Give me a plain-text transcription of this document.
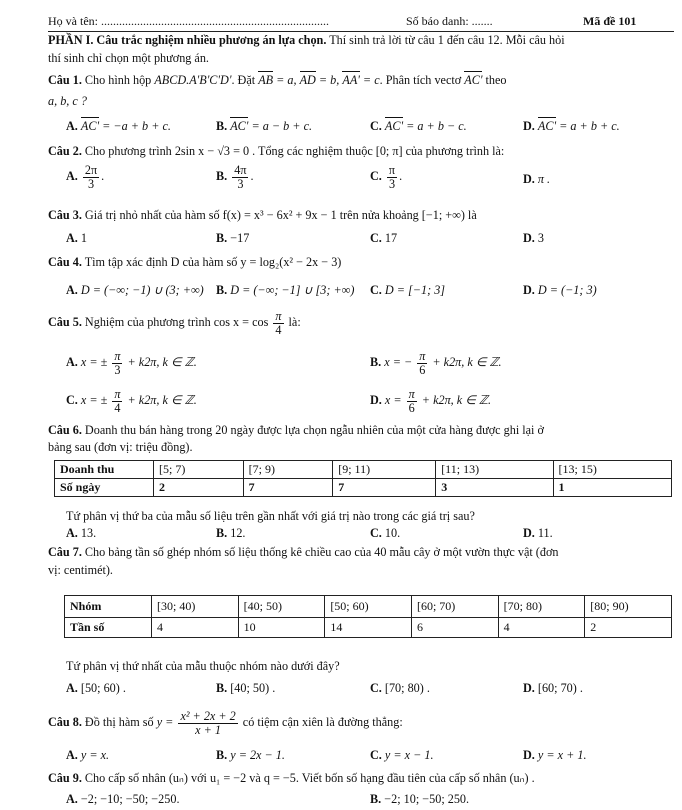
Họ và tên: ............................................................................	Số báo danh: .......	Mã đề 101
PHẦN I. Câu trắc nghiệm nhiều phương án lựa chọn. Thí sinh trả lời từ câu 1 đến câu 12. Mỗi câu hỏi
thí sinh chỉ chọn một phương án.
Câu 1. Cho hình hộp ABCD.A'B'C'D'. Đặt AB = a, AD = b, AA' = c. Phân tích vectơ AC' theo
a, b, c ?
A. AC' = −a + b + c.	B. AC' = a − b + c.	C. AC' = a + b − c.	D. AC' = a + b + c.
Câu 2. Cho phương trình 2sin x − √3 = 0 . Tổng các nghiệm thuộc [0; π] của phương trình là:
A. $\frac{2\pi}{3}$ .	B. $\frac{4\pi}{3}$ .	C. $\frac{\pi}{3}$ .	D. π .
Câu 3. Giá trị nhỏ nhất của hàm số f(x) = x³ − 6x² + 9x − 1 trên nửa khoảng [−1; +∞) là
A. 1	B. −17	C. 17	D. 3
Câu 4. Tìm tập xác định D của hàm số y = log₂(x² − 2x − 3)
A. D = (−∞; −1) ∪ (3; +∞) B. D = (−∞; −1] ∪ [3; +∞) C. D = [−1; 3]	D. D = (−1; 3)
Câu 5. Nghiệm của phương trình $\cos x = \cos \frac{\pi}{4}$ là:
A. x = ± $\frac{\pi}{3} + k2\pi$, k ∈ ℤ.	B. x = − $\frac{\pi}{6} + k2\pi$, k ∈ ℤ.
C. x = ± $\frac{\pi}{4} + k2\pi$, k ∈ ℤ.	D. $x = \frac{\pi}{6} + k2\pi$, k ∈ ℤ.
Câu 6. Doanh thu bán hàng trong 20 ngày được lựa chọn ngẫu nhiên của một cửa hàng được ghi lại ở
bảng sau (đơn vị: triệu đồng).
Doanh thu	[5; 7)	[7; 9)	[9; 11)	[11; 13)	[13; 15)
Số ngày	2	7	7	3	1
Tứ phân vị thứ ba của mẫu số liệu trên gần nhất với giá trị nào trong các giá trị sau?
A. 13.	B. 12.	C. 10.	D. 11.
Câu 7. Cho bảng tần số ghép nhóm số liệu thống kê chiều cao của 40 mẫu cây ở một vườn thực vật (đơn
vị: centimét).
Nhóm	[30; 40)	[40; 50)	[50; 60)	[60; 70)	[70; 80)	[80; 90)
Tần số	4	10	14	6	4	2
Tứ phân vị thứ nhất của mẫu thuộc nhóm nào dưới đây?
A. [50; 60) .	B. [40; 50) .	C. [70; 80) .	D. [60; 70) .
Câu 8. Đồ thị hàm số $y = \frac{\text{x² + 2x + 2}}{x + 1}$ có tiệm cận xiên là đường thẳng:
A. y = x.	B. y = 2x − 1.	C. y = x − 1.	D. y = x + 1.
Câu 9. Cho cấp số nhân (uₙ) với u₁ = −2 và q = −5. Viết bốn số hạng đầu tiên của cấp số nhân (uₙ) .
A. −2; −10; −50; −250.	B. −2; 10; −50; 250.
